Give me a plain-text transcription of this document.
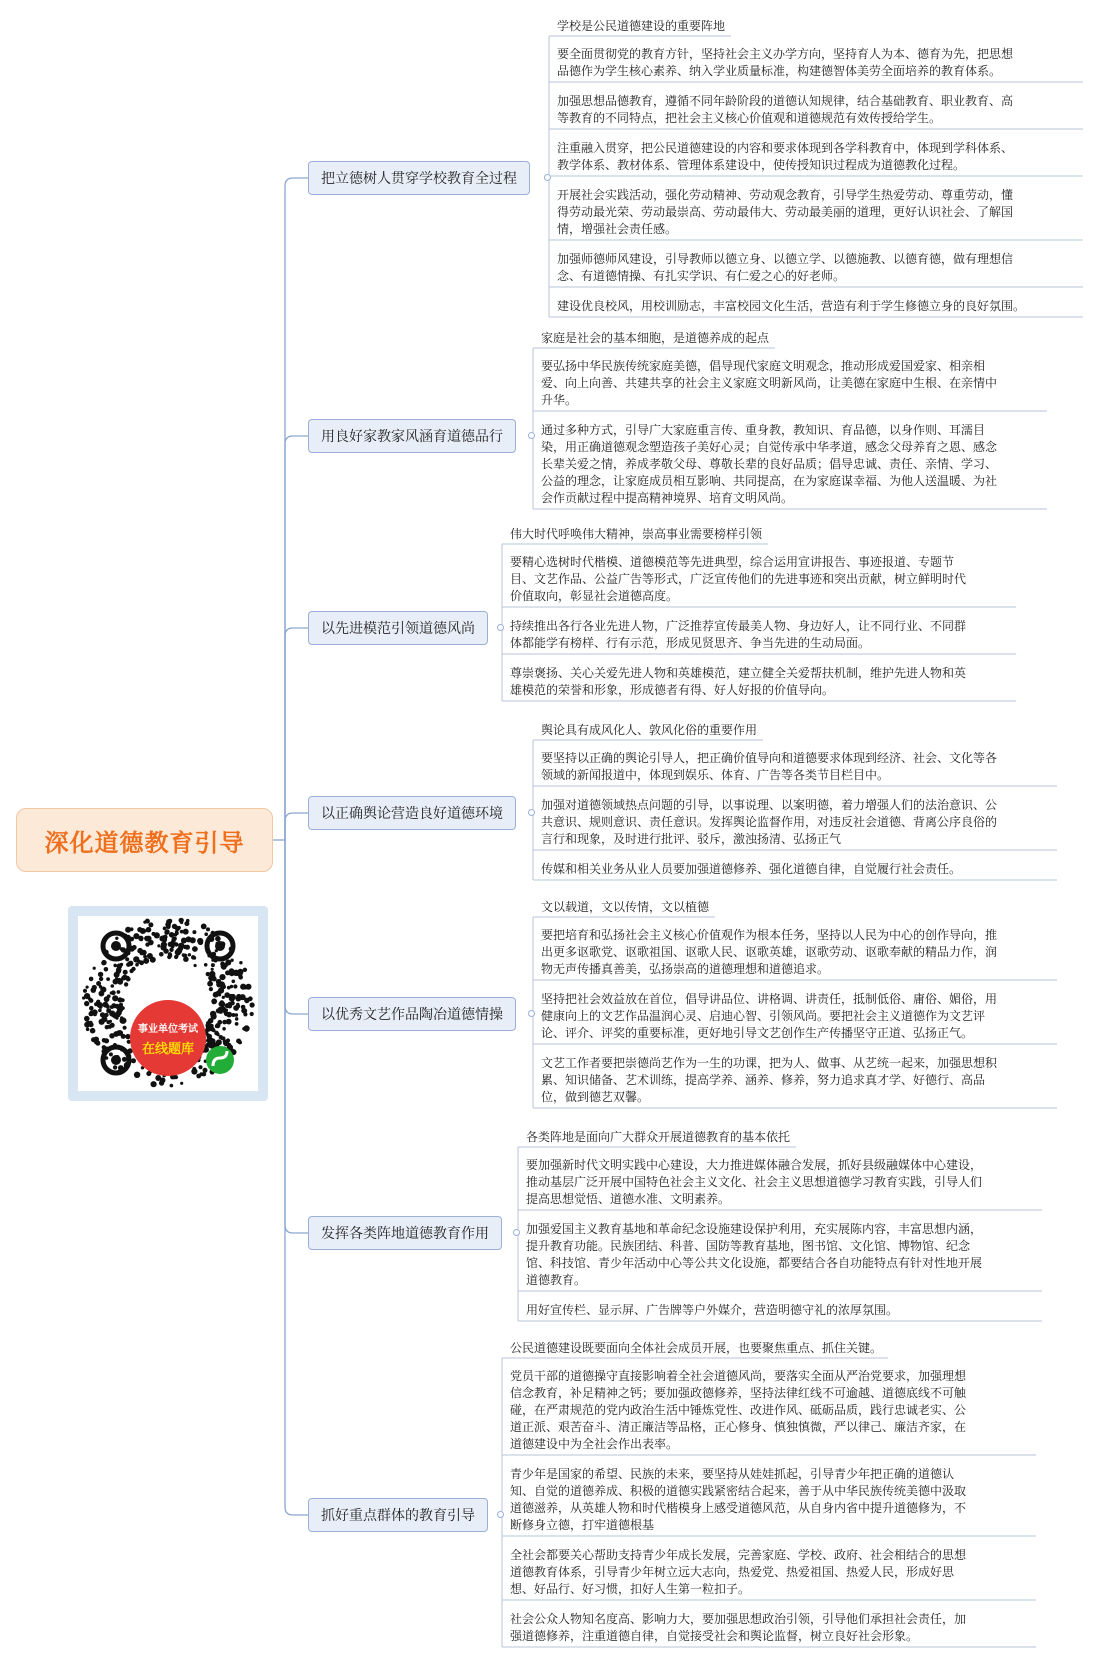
深化道德教育引导
事业单位考试
在线题库
把立德树人贯穿学校教育全过程
学校是公民道德建设的重要阵地
要全面贯彻党的教育方针，坚持社会主义办学方向，坚持育人为本、德育为先，把思想
品德作为学生核心素养、纳入学业质量标准，构建德智体美劳全面培养的教育体系。
加强思想品德教育，遵循不同年龄阶段的道德认知规律，结合基础教育、职业教育、高
等教育的不同特点，把社会主义核心价值观和道德规范有效传授给学生。
注重融入贯穿，把公民道德建设的内容和要求体现到各学科教育中，体现到学科体系、
教学体系、教材体系、管理体系建设中，使传授知识过程成为道德教化过程。
开展社会实践活动，强化劳动精神、劳动观念教育，引导学生热爱劳动、尊重劳动，懂
得劳动最光荣、劳动最崇高、劳动最伟大、劳动最美丽的道理，更好认识社会、了解国
情，增强社会责任感。
加强师德师风建设，引导教师以德立身、以德立学、以德施教、以德育德，做有理想信
念、有道德情操、有扎实学识、有仁爱之心的好老师。
建设优良校风，用校训励志，丰富校园文化生活，营造有利于学生修德立身的良好氛围。
用良好家教家风涵育道德品行
家庭是社会的基本细胞，是道德养成的起点
要弘扬中华民族传统家庭美德，倡导现代家庭文明观念，推动形成爱国爱家、相亲相
爱、向上向善、共建共享的社会主义家庭文明新风尚，让美德在家庭中生根、在亲情中
升华。
通过多种方式，引导广大家庭重言传、重身教，教知识、育品德，以身作则、耳濡目
染，用正确道德观念塑造孩子美好心灵；自觉传承中华孝道，感念父母养育之恩、感念
长辈关爱之情，养成孝敬父母、尊敬长辈的良好品质；倡导忠诚、责任、亲情、学习、
公益的理念，让家庭成员相互影响、共同提高，在为家庭谋幸福、为他人送温暖、为社
会作贡献过程中提高精神境界、培育文明风尚。
以先进模范引领道德风尚
伟大时代呼唤伟大精神，崇高事业需要榜样引领
要精心选树时代楷模、道德模范等先进典型，综合运用宣讲报告、事迹报道、专题节
目、文艺作品、公益广告等形式，广泛宣传他们的先进事迹和突出贡献，树立鲜明时代
价值取向，彰显社会道德高度。
持续推出各行各业先进人物，广泛推荐宣传最美人物、身边好人，让不同行业、不同群
体都能学有榜样、行有示范，形成见贤思齐、争当先进的生动局面。
尊崇褒扬、关心关爱先进人物和英雄模范，建立健全关爱帮扶机制，维护先进人物和英
雄模范的荣誉和形象，形成德者有得、好人好报的价值导向。
以正确舆论营造良好道德环境
舆论具有成风化人、敦风化俗的重要作用
要坚持以正确的舆论引导人，把正确价值导向和道德要求体现到经济、社会、文化等各
领域的新闻报道中，体现到娱乐、体育、广告等各类节目栏目中。
加强对道德领域热点问题的引导，以事说理、以案明德，着力增强人们的法治意识、公
共意识、规则意识、责任意识。发挥舆论监督作用，对违反社会道德、背离公序良俗的
言行和现象，及时进行批评、驳斥，激浊扬清、弘扬正气
传媒和相关业务从业人员要加强道德修养、强化道德自律，自觉履行社会责任。
以优秀文艺作品陶冶道德情操
文以载道，文以传情，文以植德
要把培育和弘扬社会主义核心价值观作为根本任务，坚持以人民为中心的创作导向，推
出更多讴歌党、讴歌祖国、讴歌人民、讴歌英雄，讴歌劳动、讴歌奉献的精品力作，润
物无声传播真善美，弘扬崇高的道德理想和道德追求。
坚持把社会效益放在首位，倡导讲品位、讲格调、讲责任，抵制低俗、庸俗、媚俗，用
健康向上的文艺作品温润心灵、启迪心智、引领风尚。要把社会主义道德作为文艺评
论、评介、评奖的重要标准，更好地引导文艺创作生产传播坚守正道、弘扬正气。
文艺工作者要把崇德尚艺作为一生的功课，把为人、做事、从艺统一起来，加强思想积
累、知识储备、艺术训练，提高学养、涵养、修养，努力追求真才学、好德行、高品
位，做到德艺双馨。
发挥各类阵地道德教育作用
各类阵地是面向广大群众开展道德教育的基本依托
要加强新时代文明实践中心建设，大力推进媒体融合发展，抓好县级融媒体中心建设，
推动基层广泛开展中国特色社会主义文化、社会主义思想道德学习教育实践，引导人们
提高思想觉悟、道德水准、文明素养。
加强爱国主义教育基地和革命纪念设施建设保护利用，充实展陈内容，丰富思想内涵，
提升教育功能。民族团结、科普、国防等教育基地，图书馆、文化馆、博物馆、纪念
馆、科技馆、青少年活动中心等公共文化设施，都要结合各自功能特点有针对性地开展
道德教育。
用好宣传栏、显示屏、广告牌等户外媒介，营造明德守礼的浓厚氛围。
抓好重点群体的教育引导
公民道德建设既要面向全体社会成员开展，也要聚焦重点、抓住关键。
党员干部的道德操守直接影响着全社会道德风尚，要落实全面从严治党要求，加强理想
信念教育，补足精神之钙；要加强政德修养，坚持法律红线不可逾越、道德底线不可触
碰，在严肃规范的党内政治生活中锤炼党性、改进作风、砥砺品质，践行忠诚老实、公
道正派、艰苦奋斗、清正廉洁等品格，正心修身、慎独慎微，严以律己、廉洁齐家，在
道德建设中为全社会作出表率。
青少年是国家的希望、民族的未来，要坚持从娃娃抓起，引导青少年把正确的道德认
知、自觉的道德养成、积极的道德实践紧密结合起来，善于从中华民族传统美德中汲取
道德滋养，从英雄人物和时代楷模身上感受道德风范，从自身内省中提升道德修为，不
断修身立德，打牢道德根基
全社会都要关心帮助支持青少年成长发展，完善家庭、学校、政府、社会相结合的思想
道德教育体系，引导青少年树立远大志向，热爱党、热爱祖国、热爱人民，形成好思
想、好品行、好习惯，扣好人生第一粒扣子。
社会公众人物知名度高、影响力大，要加强思想政治引领，引导他们承担社会责任，加
强道德修养，注重道德自律，自觉接受社会和舆论监督，树立良好社会形象。
